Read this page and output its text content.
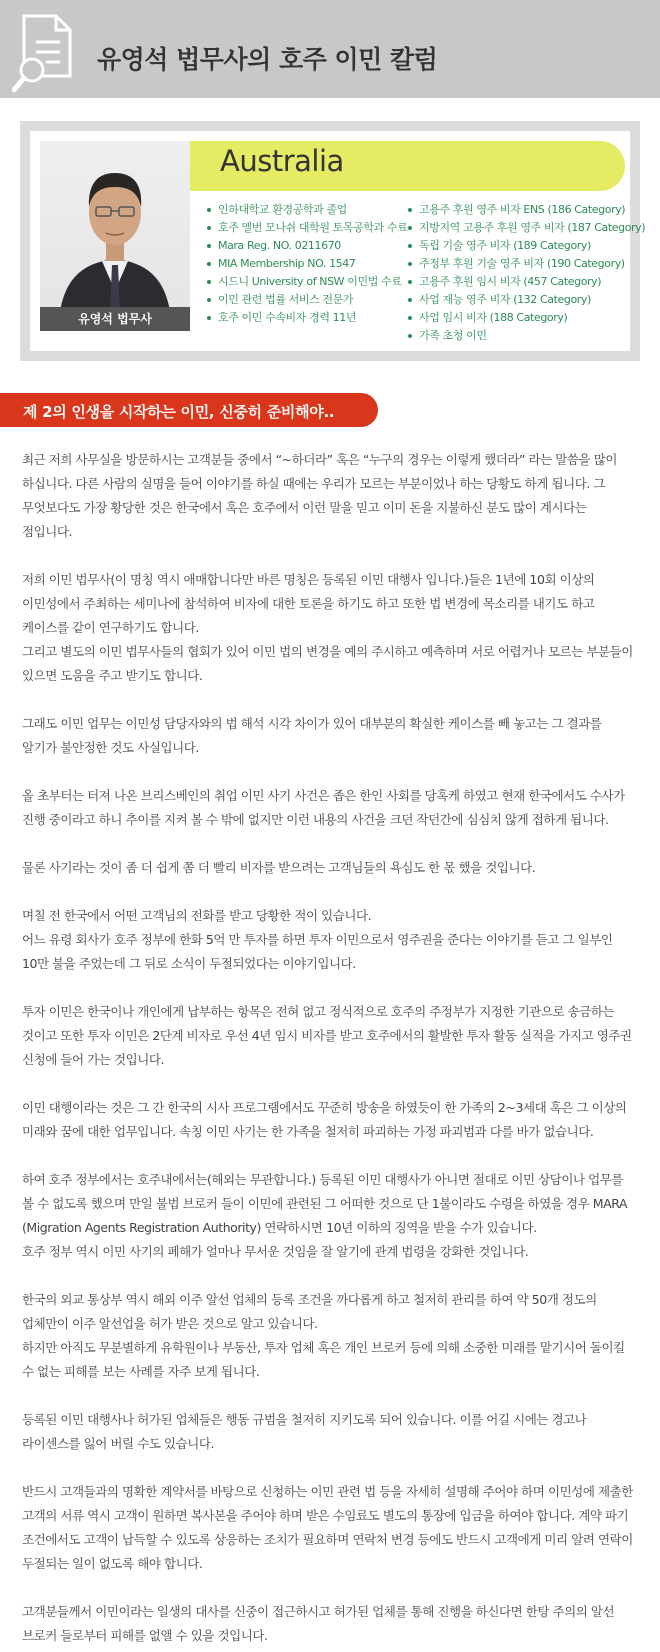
유영석 법무사의 호주 이민 칼럼
유영석 법무사
Australia
인하대학교 환경공학과 졸업
호주 멜번 모나쉬 대학원 토목공학과 수료
Mara Reg. NO. 0211670
MIA Membership NO. 1547
시드니 University of NSW 이민법 수료
이민 관련 법률 서비스 전문가
호주 이민 수속비자 경력 11년
고용주 후원 영주 비자 ENS (186 Category)
지방지역 고용주 후원 영주 비자 (187 Category)
독립 기술 영주 비자 (189 Category)
주정부 후원 기술 영주 비자 (190 Category)
고용주 후원 임시 비자 (457 Category)
사업 재능 영주 비자 (132 Category)
사업 임시 비자 (188 Category)
가족 초청 이민
제 2의 인생을 시작하는 이민, 신중히 준비해야..

최근 저희 사무실을 방문하시는 고객분들 중에서 “~하더라” 혹은 “누구의 경우는 이렇게 했더라” 라는 말씀을 많이 하십니다. 다른 사람의 실명을 들어 이야기를 하실 때에는 우리가 모르는 부분이었나 하는 당황도 하게 됩니다. 그 무엇보다도 가장 황당한 것은 한국에서 혹은 호주에서 이런 말을 믿고 이미 돈을 지불하신 분도 많이 계시다는 점입니다.

저희 이민 법무사(이 명칭 역시 애매합니다만 바른 명칭은 등록된 이민 대행사 입니다.)들은 1년에 10회 이상의 이민성에서 주최하는 세미나에 참석하여 비자에 대한 토론을 하기도 하고 또한 법 변경에 목소리를 내기도 하고 케이스를 같이 연구하기도 합니다.

그리고 별도의 이민 법무사들의 협회가 있어 이민 법의 변경을 예의 주시하고 예측하며 서로 어렵거나 모르는 부분들이 있으면 도움을 주고 받기도 합니다.

그래도 이민 업무는 이민성 담당자와의 법 해석 시각 차이가 있어 대부분의 확실한 케이스를 빼 놓고는 그 결과를 알기가 불안정한 것도 사실입니다.

올 초부터는 터져 나온 브리스베인의 취업 이민 사기 사건은 좁은 한인 사회를 당혹케 하였고 현재 한국에서도 수사가 진행 중이라고 하니 추이를 지켜 볼 수 밖에 없지만 이런 내용의 사건을 크던 작던간에 심심치 않게 접하게 됩니다.

물론 사기라는 것이 좀 더 쉽게 쫌 더 빨리 비자를 받으려는 고객님들의 욕심도 한 몫 했을 것입니다.

며칠 전 한국에서 어떤 고객님의 전화를 받고 당황한 적이 있습니다.

어느 유령 회사가 호주 정부에 한화 5억 만 투자를 하면 투자 이민으로서 영주권을 준다는 이야기를 듣고 그 일부인 10만 불을 주었는데 그 뒤로 소식이 두절되었다는 이야기입니다.

투자 이민은 한국이나 개인에게 납부하는 항목은 전혀 없고 정식적으로 호주의 주정부가 지정한 기관으로 송금하는 것이고 또한 투자 이민은 2단계 비자로 우선 4년 임시 비자를 받고 호주에서의 활발한 투자 활동 실적을 가지고 영주권 신청에 들어 가는 것입니다.

이민 대행이라는 것은 그 간 한국의 시사 프로그램에서도 꾸준히 방송을 하였듯이 한 가족의 2~3세대 혹은 그 이상의 미래와 꿈에 대한 업무입니다. 속칭 이민 사기는 한 가족을 철저히 파괴하는 가정 파괴범과 다를 바가 없습니다.

하여 호주 정부에서는 호주내에서는(해외는 무관합니다.) 등록된 이민 대행사가 아니면 절대로 이민 상담이나 업무를 볼 수 없도록 했으며 만일 불법 브로커 들이 이민에 관련된 그 어떠한 것으로 단 1불이라도 수령을 하였을 경우 MARA (Migration Agents Registration Authority) 연락하시면 10년 이하의 징역을 받을 수가 있습니다.

호주 정부 역시 이민 사기의 폐해가 얼마나 무서운 것임을 잘 알기에 관계 법령을 강화한 것입니다.

한국의 외교 통상부 역시 해외 이주 알선 업체의 등록 조건을 까다롭게 하고 철저히 관리를 하여 약 50개 정도의 업체만이 이주 알선업을 허가 받은 것으로 알고 있습니다.

하지만 아직도 무분별하게 유학원이나 부동산, 투자 업체 혹은 개인 브로커 등에 의해 소중한 미래를 맡기시어 돌이킬 수 없는 피해를 보는 사례를 자주 보게 됩니다.

등록된 이민 대행사나 허가된 업체들은 행동 규범을 철저히 지키도록 되어 있습니다. 이를 어길 시에는 경고나 라이센스를 잃어 버릴 수도 있습니다.

반드시 고객들과의 명확한 계약서를 바탕으로 신청하는 이민 관련 법 등을 자세히 설명해 주어야 하며 이민성에 제출한 고객의 서류 역시 고객이 원하면 복사본을 주어야 하며 받은 수임료도 별도의 통장에 입금을 하여야 합니다. 계약 파기 조건에서도 고객이 납득할 수 있도록 상응하는 조치가 필요하며 연락처 변경 등에도 반드시 고객에게 미리 알려 연락이 두절되는 일이 없도록 해야 합니다.

고객분들께서 이민이라는 일생의 대사를 신중이 접근하시고 허가된 업체를 통해 진행을 하신다면 한탕 주의의 알선 브로커 들로부터 피해를 없앨 수 있을 것입니다.
